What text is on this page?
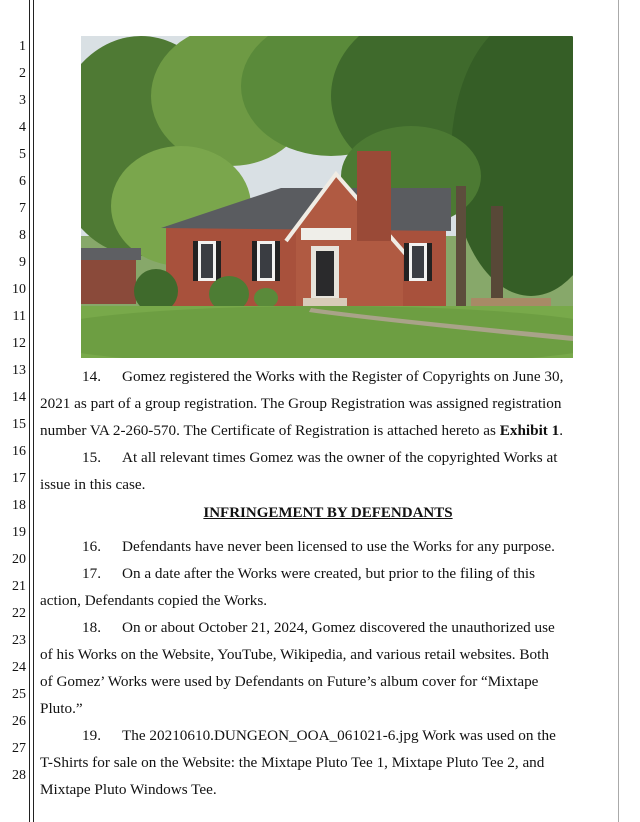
1
2
3
4
5
6
7
8
9
10
11
12
13
14
15
16
17
18
19
20
21
22
23
24
25
26
27
28
14. Gomez registered the Works with the Register of Copyrights on June 30,
2021 as part of a group registration. The Group Registration was assigned registration
number VA 2-260-570. The Certificate of Registration is attached hereto as Exhibit 1.
15. At all relevant times Gomez was the owner of the copyrighted Works at
issue in this case.
INFRINGEMENT BY DEFENDANTS
16. Defendants have never been licensed to use the Works for any purpose.
17. On a date after the Works were created, but prior to the filing of this
action, Defendants copied the Works.
18. On or about October 21, 2024, Gomez discovered the unauthorized use
of his Works on the Website, YouTube, Wikipedia, and various retail websites. Both
of Gomez’ Works were used by Defendants on Future’s album cover for “Mixtape
Pluto.”
19. The 20210610.DUNGEON_OOA_061021-6.jpg Work was used on the
T-Shirts for sale on the Website: the Mixtape Pluto Tee 1, Mixtape Pluto Tee 2, and
Mixtape Pluto Windows Tee.
